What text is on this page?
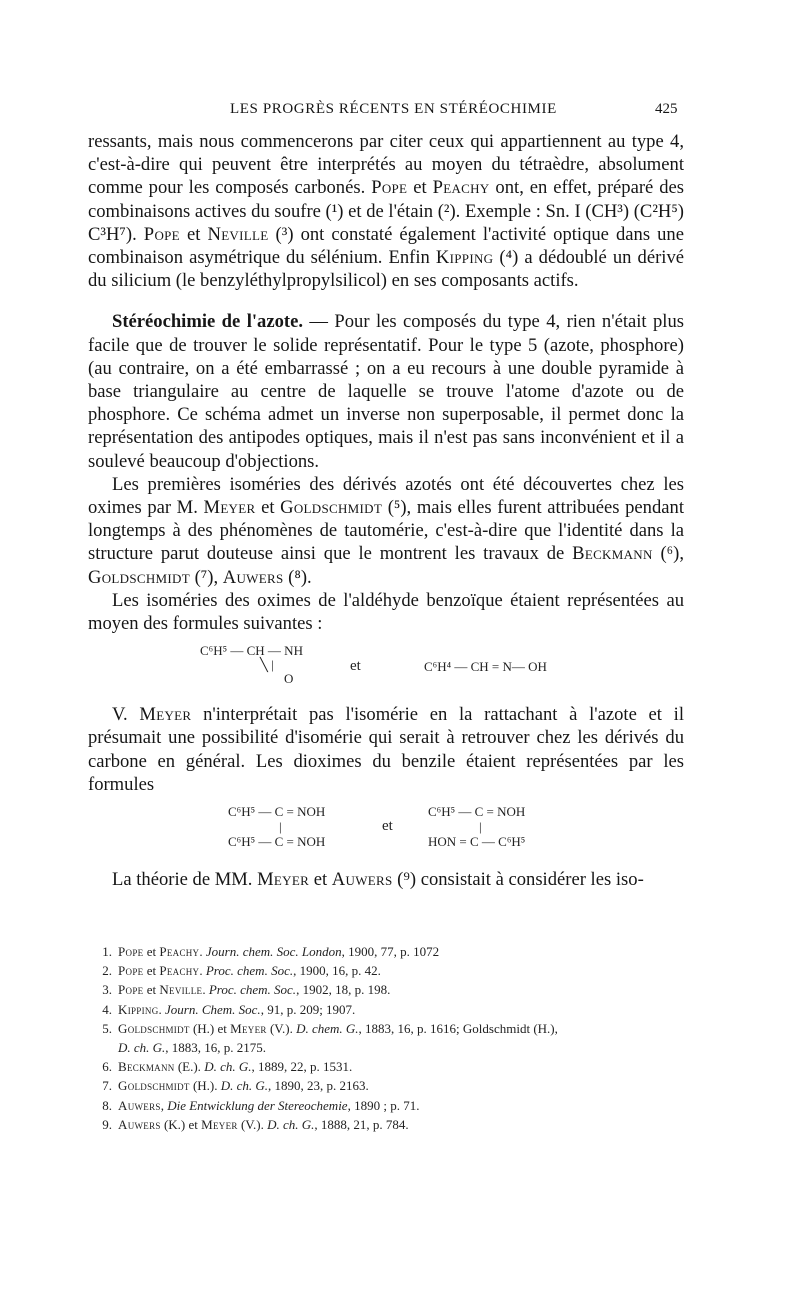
LES PROGRÈS RÉCENTS EN STÉRÉOCHIMIE	425

ressants, mais nous commencerons par citer ceux qui appartiennent au type 4, c'est-à-dire qui peuvent être interprétés au moyen du tétraèdre, absolument comme pour les composés carbonés. Pope et Peachy ont, en effet, préparé des combinaisons actives du soufre (¹) et de l'étain (²). Exemple : Sn. I (CH³) (C²H⁵) C³H⁷). Pope et Neville (³) ont constaté également l'activité optique dans une combinaison asymétrique du sélénium. Enfin Kipping (⁴) a dédoublé un dérivé du silicium (le benzyléthylpropylsilicol) en ses composants actifs.

Stéréochimie de l'azote. — Pour les composés du type 4, rien n'était plus facile que de trouver le solide représentatif. Pour le type 5 (azote, phosphore) (au contraire, on a été embarrassé ; on a eu recours à une double pyramide à base triangulaire au centre de laquelle se trouve l'atome d'azote ou de phosphore. Ce schéma admet un inverse non superposable, il permet donc la représentation des antipodes optiques, mais il n'est pas sans inconvénient et il a soulevé beaucoup d'objections.

Les premières isoméries des dérivés azotés ont été découvertes chez les oximes par M. Meyer et Goldschmidt (⁵), mais elles furent attribuées pendant longtemps à des phénomènes de tautomérie, c'est-à-dire que l'identité dans la structure parut douteuse ainsi que le montrent les travaux de Beckmann (⁶), Goldschmidt (⁷), Auwers (⁸).

Les isoméries des oximes de l'aldéhyde benzoïque étaient représentées au moyen des formules suivantes :

C⁶H⁵ — CH — NH
╲ |
O
et	C⁶H⁴ — CH = N— OH

V. Meyer n'interprétait pas l'isomérie en la rattachant à l'azote et il présumait une possibilité d'isomérie qui serait à retrouver chez les dérivés du carbone en général. Les dioximes du benzile étaient représentées par les formules

C⁶H⁵ — C = NOH
|
C⁶H⁵ — C = NOH
et
C⁶H⁵ — C = NOH
|
HON = C — C⁶H⁵

La théorie de MM. Meyer et Auwers (⁹) consistait à considérer les iso-

1. Pope et Peachy. Journ. chem. Soc. London, 1900, 77, p. 1072
2. Pope et Peachy. Proc. chem. Soc., 1900, 16, p. 42.
3. Pope et Neville. Proc. chem. Soc., 1902, 18, p. 198.
4. Kipping. Journ. Chem. Soc., 91, p. 209; 1907.
5. Goldschmidt (H.) et Meyer (V.). D. chem. G., 1883, 16, p. 1616; Goldschmidt (H.),
D. ch. G., 1883, 16, p. 2175.
6. Beckmann (E.). D. ch. G., 1889, 22, p. 1531.
7. Goldschmidt (H.). D. ch. G., 1890, 23, p. 2163.
8. Auwers, Die Entwicklung der Stereochemie, 1890 ; p. 71.
9. Auwers (K.) et Meyer (V.). D. ch. G., 1888, 21, p. 784.
